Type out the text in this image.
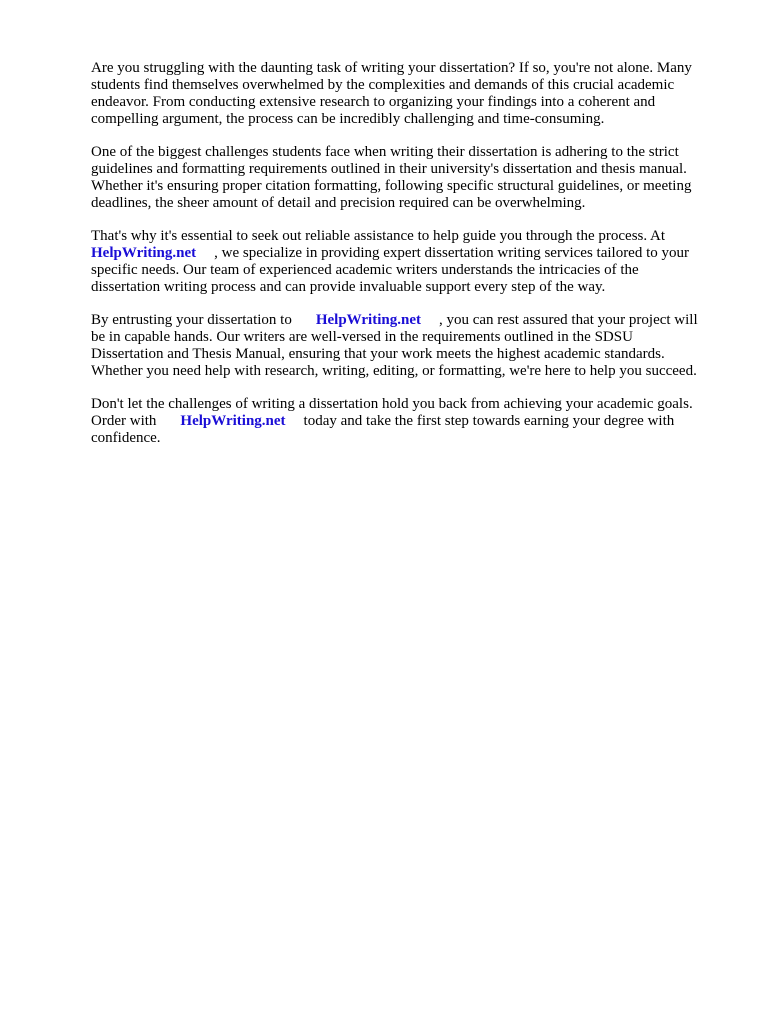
Are you struggling with the daunting task of writing your dissertation? If so, you're not alone. Many
students find themselves overwhelmed by the complexities and demands of this crucial academic
endeavor. From conducting extensive research to organizing your findings into a coherent and
compelling argument, the process can be incredibly challenging and time-consuming.

One of the biggest challenges students face when writing their dissertation is adhering to the strict
guidelines and formatting requirements outlined in their university's dissertation and thesis manual.
Whether it's ensuring proper citation formatting, following specific structural guidelines, or meeting
deadlines, the sheer amount of detail and precision required can be overwhelming.

That's why it's essential to seek out reliable assistance to help guide you through the process. At
HelpWriting.net , we specialize in providing expert dissertation writing services tailored to your
specific needs. Our team of experienced academic writers understands the intricacies of the
dissertation writing process and can provide invaluable support every step of the way.

By entrusting your dissertation to HelpWriting.net , you can rest assured that your project will
be in capable hands. Our writers are well-versed in the requirements outlined in the SDSU
Dissertation and Thesis Manual, ensuring that your work meets the highest academic standards.
Whether you need help with research, writing, editing, or formatting, we're here to help you succeed.

Don't let the challenges of writing a dissertation hold you back from achieving your academic goals.
Order with HelpWriting.net today and take the first step towards earning your degree with
confidence.
